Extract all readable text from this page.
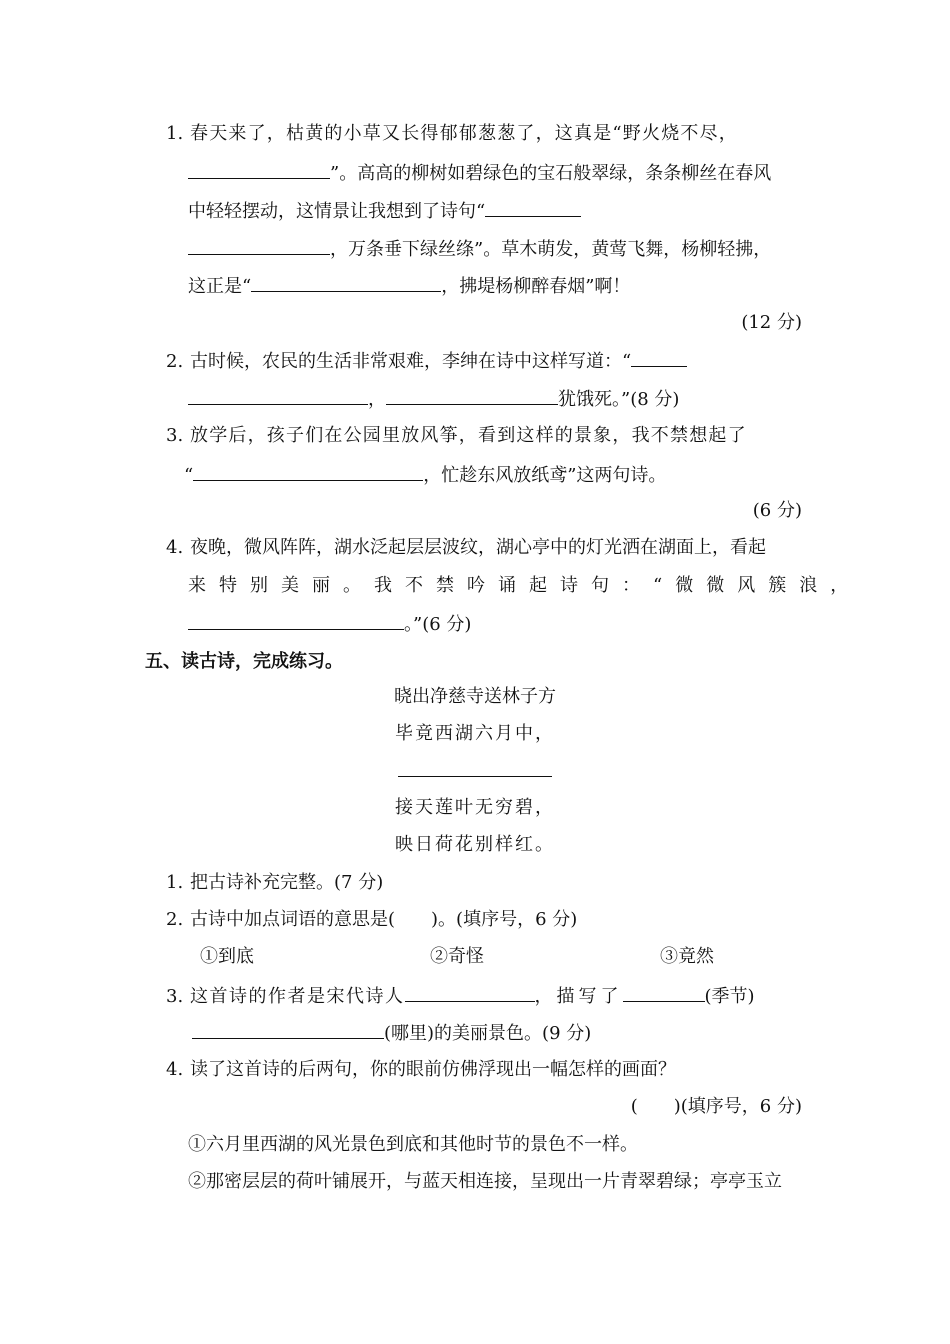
1. 春天来了，枯黄的小草又长得郁郁葱葱了，这真是“野火烧不尽，
”。高高的柳树如碧绿色的宝石般翠绿，条条柳丝在春风
中轻轻摆动，这情景让我想到了诗句“
，万条垂下绿丝绦”。草木萌发，黄莺飞舞，杨柳轻拂，
这正是“	，拂堤杨柳醉春烟”啊！
(12 分)
2. 古时候，农民的生活非常艰难，李绅在诗中这样写道：“
，	犹饿死。”(8 分)
3. 放学后，孩子们在公园里放风筝，看到这样的景象，我不禁想起了
“	，忙趁东风放纸鸢”这两句诗。
(6 分)
4. 夜晚，微风阵阵，湖水泛起层层波纹，湖心亭中的灯光洒在湖面上，看起
来特别美丽。我不禁吟诵起诗句：“微微风簇浪，
。”(6 分)
五、读古诗，完成练习。
晓出净慈寺送林子方
毕竟西湖六月中，
接天莲叶无穷碧，
映日荷花别样红。
1. 把古诗补充完整。(7 分)
2. 古诗中加点词语的意思是( )。(填序号，6 分)
①到底	②奇怪	③竟然
3. 这首诗的作者是宋代诗人	，描写了	(季节)
(哪里)的美丽景色。(9 分)
4. 读了这首诗的后两句，你的眼前仿佛浮现出一幅怎样的画面？
( )(填序号，6 分)
①六月里西湖的风光景色到底和其他时节的景色不一样。
②那密层层的荷叶铺展开，与蓝天相连接，呈现出一片青翠碧绿；亭亭玉立
